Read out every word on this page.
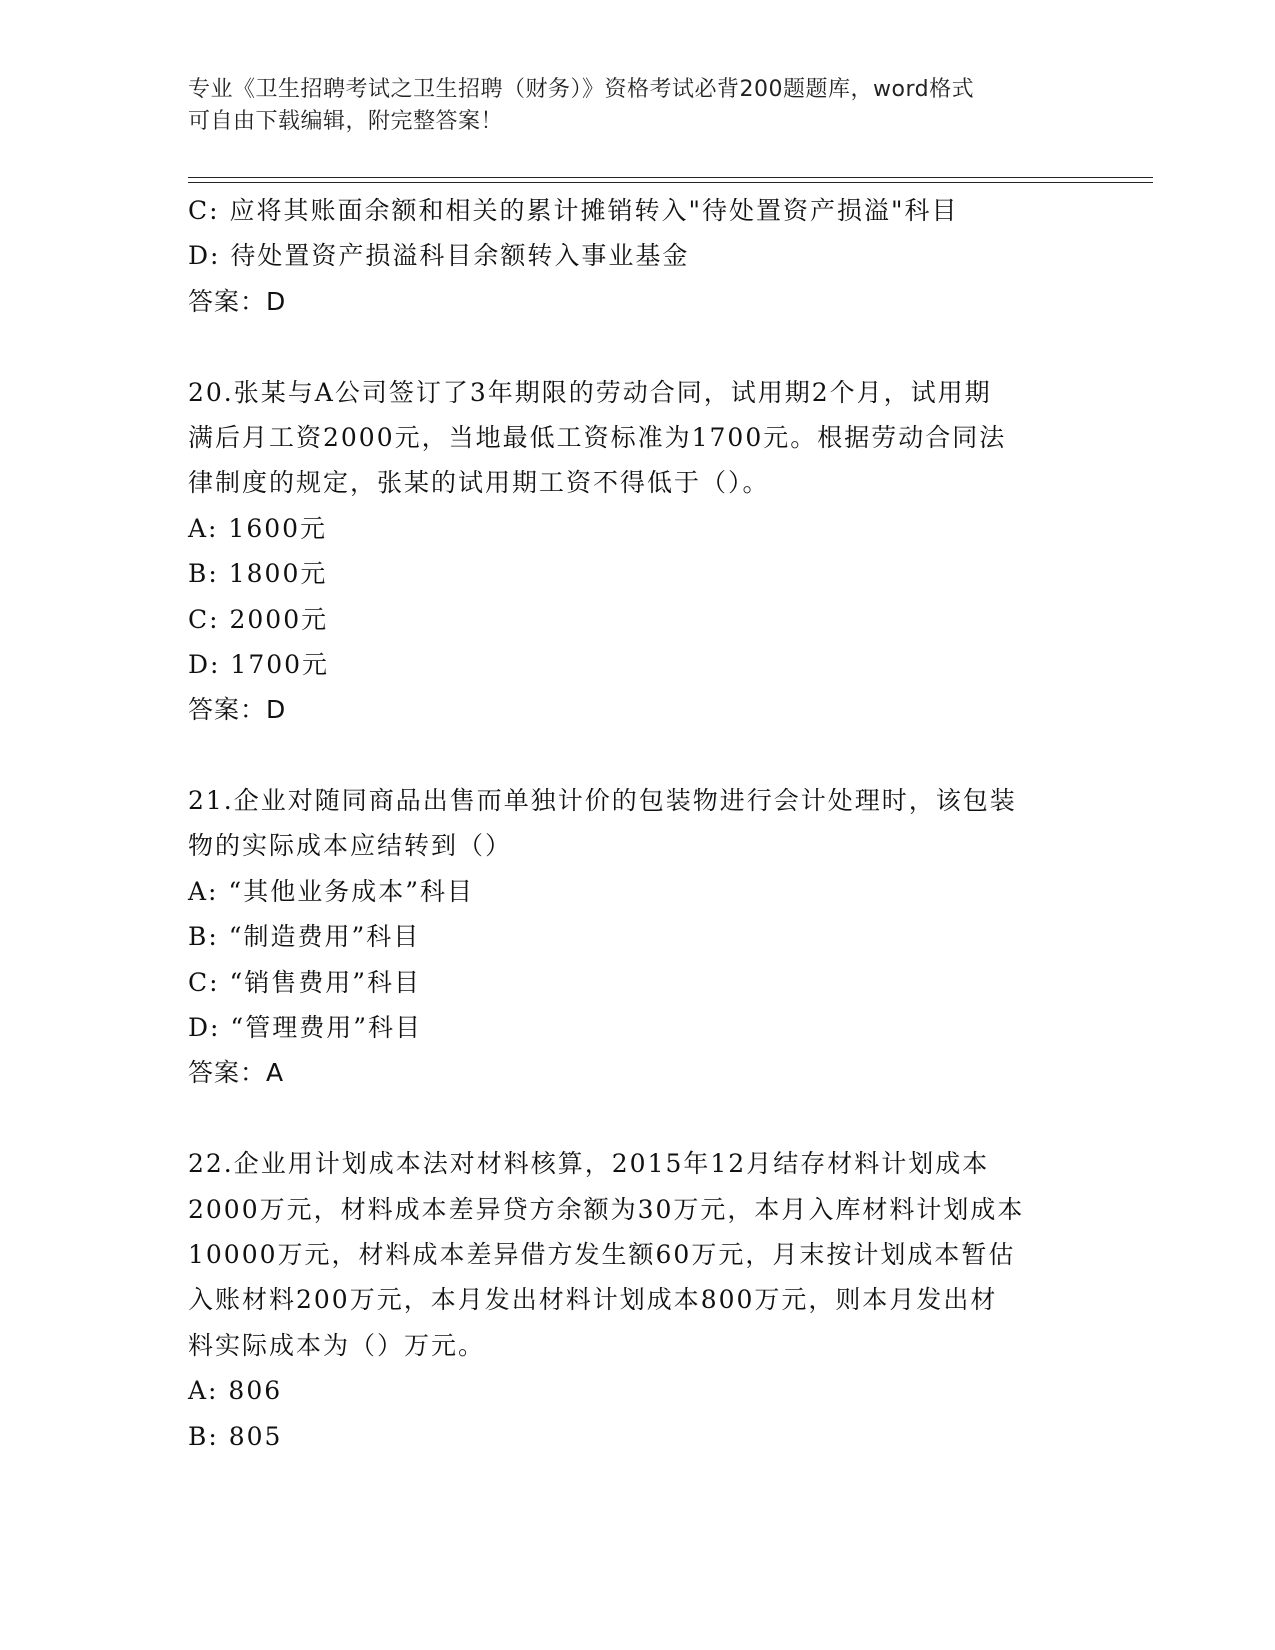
专业《卫生招聘考试之卫生招聘（财务）》资格考试必背200题题库，word格式
可自由下载编辑，附完整答案！
C: 应将其账面余额和相关的累计摊销转入"待处置资产损溢"科目
D: 待处置资产损溢科目余额转入事业基金
答案：D
20.张某与A公司签订了3年期限的劳动合同，试用期2个月，试用期
满后月工资2000元，当地最低工资标准为1700元。根据劳动合同法
律制度的规定，张某的试用期工资不得低于（）。
A: 1600元
B: 1800元
C: 2000元
D: 1700元
答案：D
21.企业对随同商品出售而单独计价的包装物进行会计处理时，该包装
物的实际成本应结转到（）
A: “其他业务成本”科目
B: “制造费用”科目
C: “销售费用”科目
D: “管理费用”科目
答案：A
22.企业用计划成本法对材料核算，2015年12月结存材料计划成本
2000万元，材料成本差异贷方余额为30万元，本月入库材料计划成本
10000万元，材料成本差异借方发生额60万元，月末按计划成本暂估
入账材料200万元，本月发出材料计划成本800万元，则本月发出材
料实际成本为（）万元。
A: 806
B: 805
